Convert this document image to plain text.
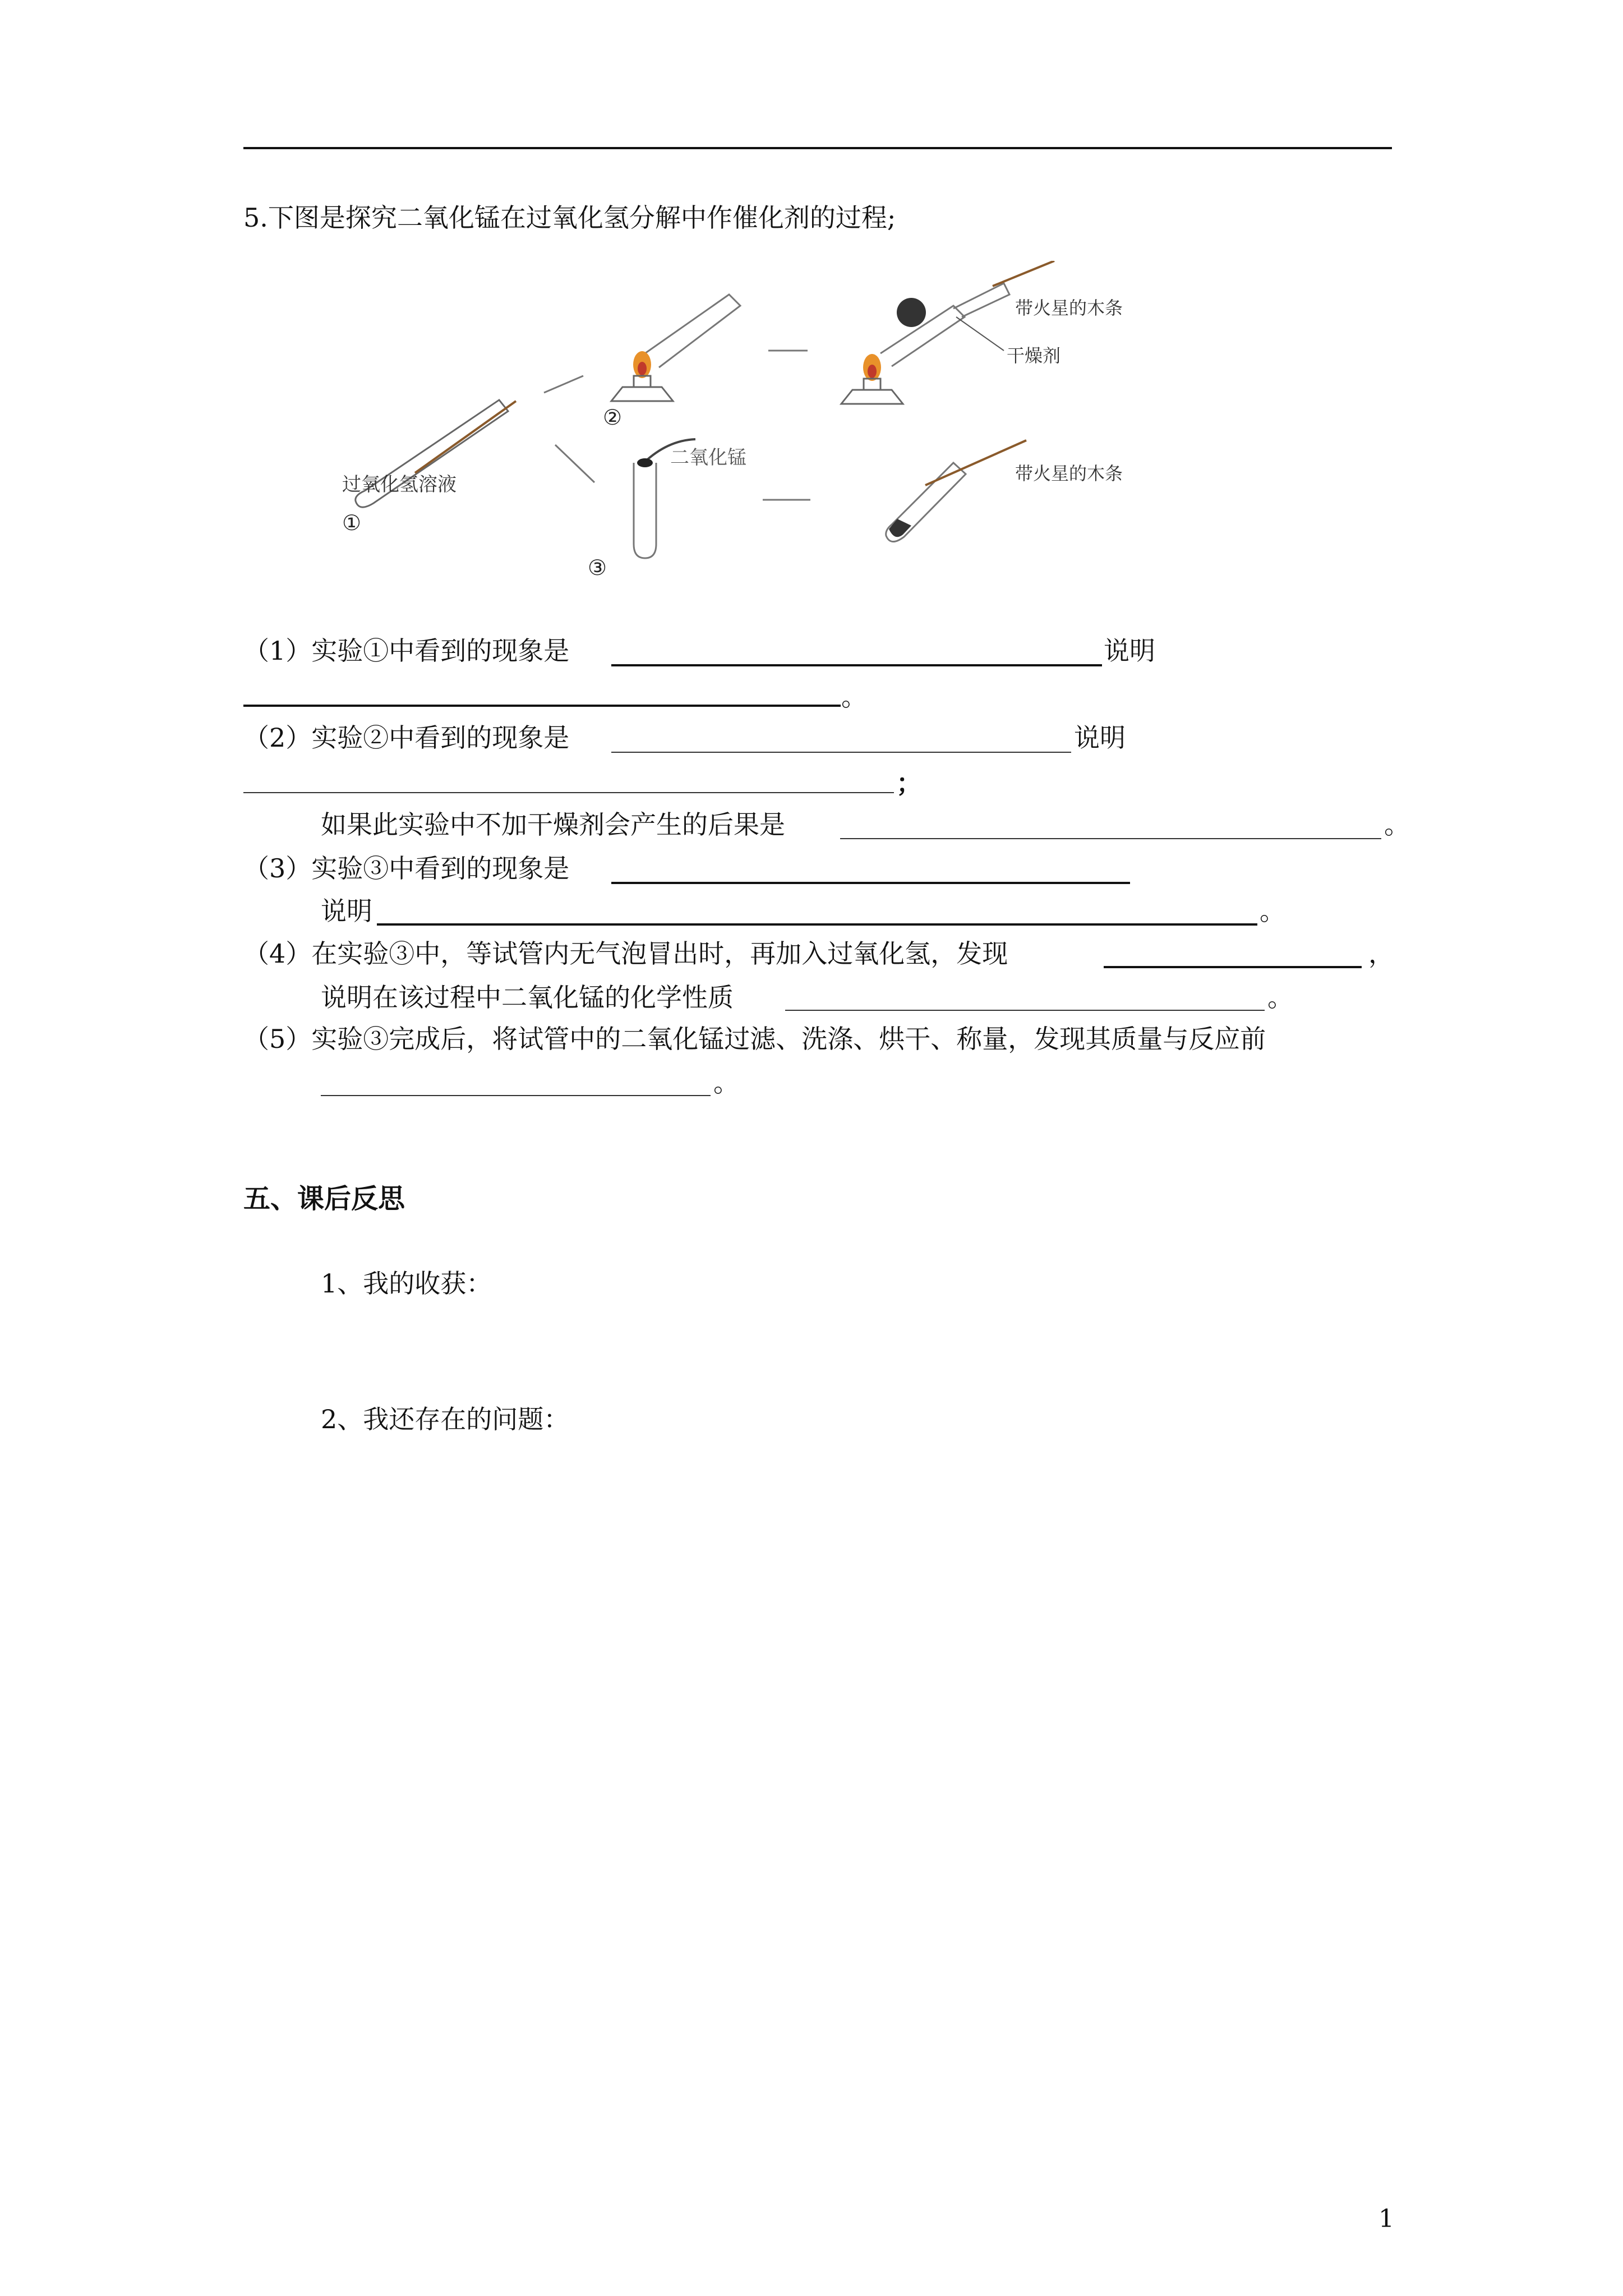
5.下图是探究二氧化锰在过氧化氢分解中作催化剂的过程;
②
①
③
过氧化氢溶液
二氧化锰
带火星的木条
干燥剂
带火星的木条
（1）实验①中看到的现象是	说明
。
（2）实验②中看到的现象是	说明
；
如果此实验中不加干燥剂会产生的后果是	。
（3）实验③中看到的现象是
说明	。
（4）在实验③中，等试管内无气泡冒出时，再加入过氧化氢，发现	，
说明在该过程中二氧化锰的化学性质	。
（5）实验③完成后，将试管中的二氧化锰过滤、洗涤、烘干、称量，发现其质量与反应前
。
五、课后反思
1、我的收获：
2、我还存在的问题：
1
